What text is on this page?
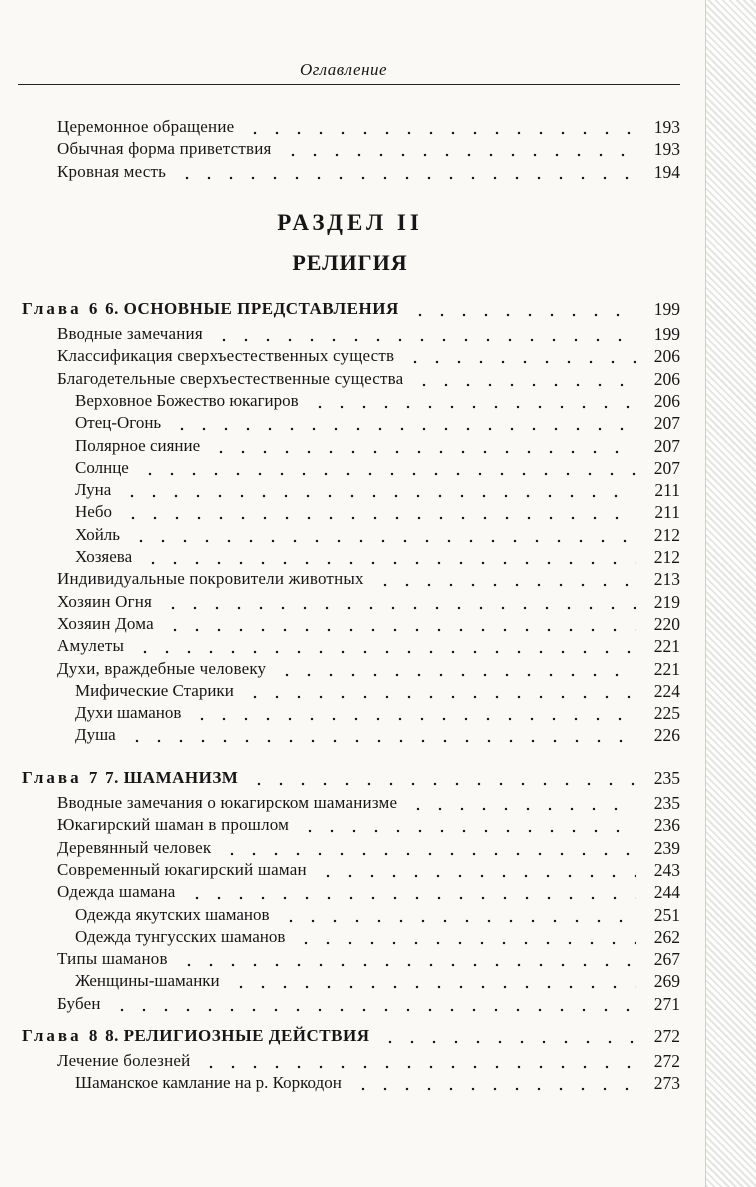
Оглавление
РАЗДЕЛ II
РЕЛИГИЯ
Церемонное обращение	193
Обычная форма приветствия	193
Кровная месть	194
Глава 6 6. ОСНОВНЫЕ ПРЕДСТАВЛЕНИЯ	199
Вводные замечания	199
Классификация сверхъестественных существ	206
Благодетельные сверхъестественные существа	206
Верховное Божество юкагиров	206
Отец-Огонь	207
Полярное сияние	207
Солнце	207
Луна	211
Небо	211
Хойль	212
Хозяева	212
Индивидуальные покровители животных	213
Хозяин Огня	219
Хозяин Дома	220
Амулеты	221
Духи, враждебные человеку	221
Мифические Старики	224
Духи шаманов	225
Душа	226
Глава 7 7. ШАМАНИЗМ	235
Вводные замечания о юкагирском шаманизме	235
Юкагирский шаман в прошлом	236
Деревянный человек	239
Современный юкагирский шаман	243
Одежда шамана	244
Одежда якутских шаманов	251
Одежда тунгусских шаманов	262
Типы шаманов	267
Женщины-шаманки	269
Бубен	271
Глава 8 8. РЕЛИГИОЗНЫЕ ДЕЙСТВИЯ	272
Лечение болезней	272
Шаманское камлание на р. Коркодон	273
